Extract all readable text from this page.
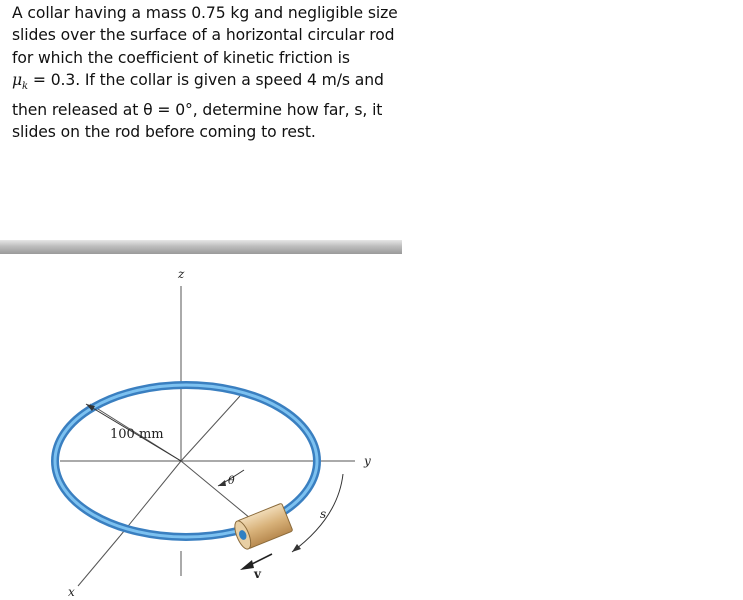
A collar having a mass 0.75 kg and negligible size
slides over the surface of a horizontal circular rod
for which the coefficient of kinetic friction is
$\mu_k = 0.3$. If the collar is given a speed 4 m/s and
then released at θ = 0°, determine how far, s, it
slides on the rod before coming to rest.
100 mm
θ
s
v
z
y
x
